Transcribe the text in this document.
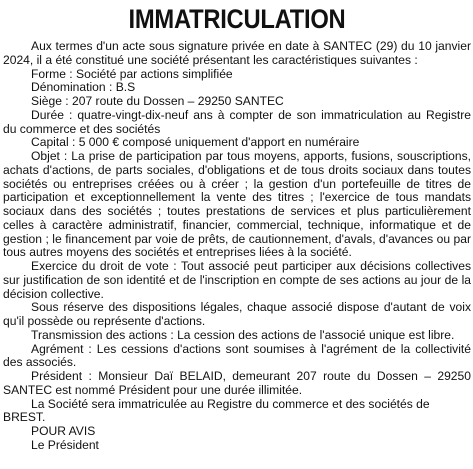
IMMATRICULATION

Aux termes d'un acte sous signature privée en date à SANTEC (29) du 10 janvier 2024, il a été constitué une société présentant les caractéristiques suivantes :

Forme : Société par actions simplifiée

Dénomination : B.S

Siège : 207 route du Dossen – 29250 SANTEC

Durée : quatre-vingt-dix-neuf ans à compter de son immatriculation au Registre du commerce et des sociétés

Capital : 5 000 € composé uniquement d'apport en numéraire

Objet : La prise de participation par tous moyens, apports, fusions, souscriptions, achats d'actions, de parts sociales, d'obligations et de tous droits sociaux dans toutes sociétés ou entreprises créées ou à créer ; la gestion d'un portefeuille de titres de participation et exceptionnellement la vente des titres ; l'exercice de tous mandats sociaux dans des sociétés ; toutes prestations de services et plus particulièrement celles à caractère administratif, financier, commercial, technique, informatique et de gestion ; le financement par voie de prêts, de cautionnement, d'avals, d'avances ou par tous autres moyens des sociétés et entreprises liées à la société.

Exercice du droit de vote : Tout associé peut participer aux décisions collectives sur justification de son identité et de l'inscription en compte de ses actions au jour de la décision collective.

Sous réserve des dispositions légales, chaque associé dispose d'autant de voix qu'il possède ou représente d'actions.

Transmission des actions : La cession des actions de l'associé unique est libre.

Agrément : Les cessions d'actions sont soumises à l'agrément de la collectivité des associés.

Président : Monsieur Daï BELAID, demeurant 207 route du Dossen – 29250 SANTEC est nommé Président pour une durée illimitée.

La Société sera immatriculée au Registre du commerce et des sociétés de BREST.

POUR AVIS

Le Président
